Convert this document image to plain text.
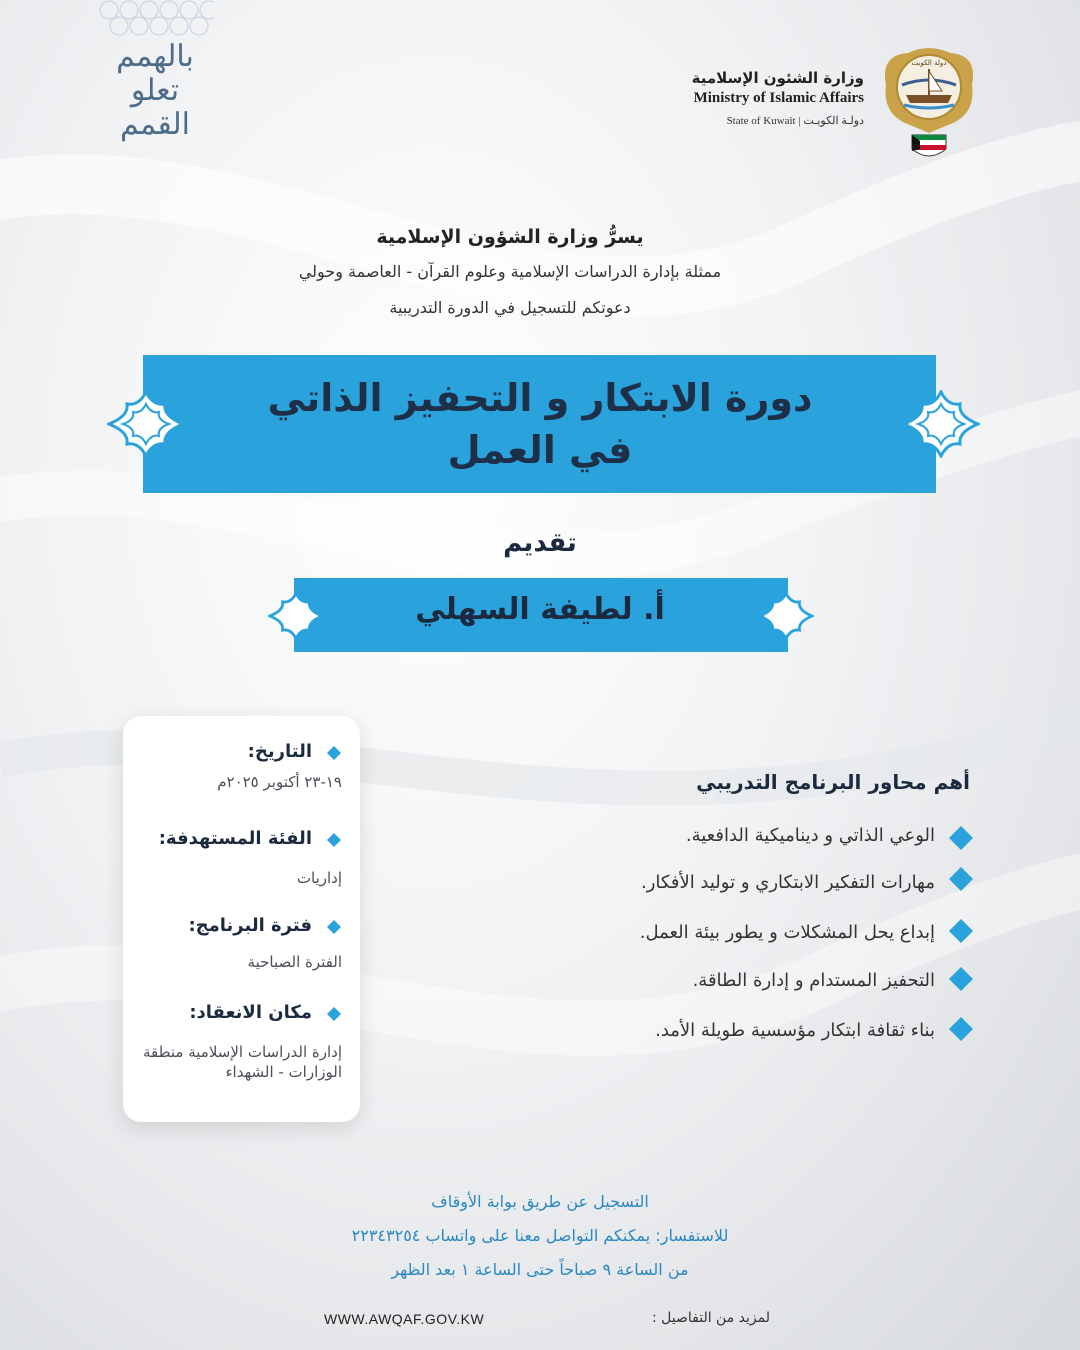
بالهمم
تعلو
القمم
دولة الكويت
وزارة الشئون الإسلامية
Ministry of Islamic Affairs
State of Kuwait | دولـة الكويـت
يسرُّ وزارة الشؤون الإسلامية
ممثلة بإدارة الدراسات الإسلامية وعلوم القرآن - العاصمة وحولي
دعوتكم للتسجيل في الدورة التدريبية
دورة الابتكار و التحفيز الذاتي
في العمل
تقديم
أ. لطيفة السهلي
التاريخ:
١٩-٢٣ أكتوبر ٢٠٢٥م
الفئة المستهدفة:
إداريات
فترة البرنامج:
الفترة الصباحية
مكان الانعقاد:
إدارة الدراسات الإسلامية منطقة الوزارات - الشهداء
أهم محاور البرنامج التدريبي
الوعي الذاتي و ديناميكية الدافعية.
مهارات التفكير الابتكاري و توليد الأفكار.
إبداع يحل المشكلات و يطور بيئة العمل.
التحفيز المستدام و إدارة الطاقة.
بناء ثقافة ابتكار مؤسسية طويلة الأمد.
التسجيل عن طريق بوابة الأوقاف
للاستفسار: يمكنكم التواصل معنا على واتساب ٢٢٣٤٣٢٥٤
من الساعة ٩ صباحاً حتى الساعة ١ بعد الظهر
لمزيد من التفاصيل :
WWW.AWQAF.GOV.KW
